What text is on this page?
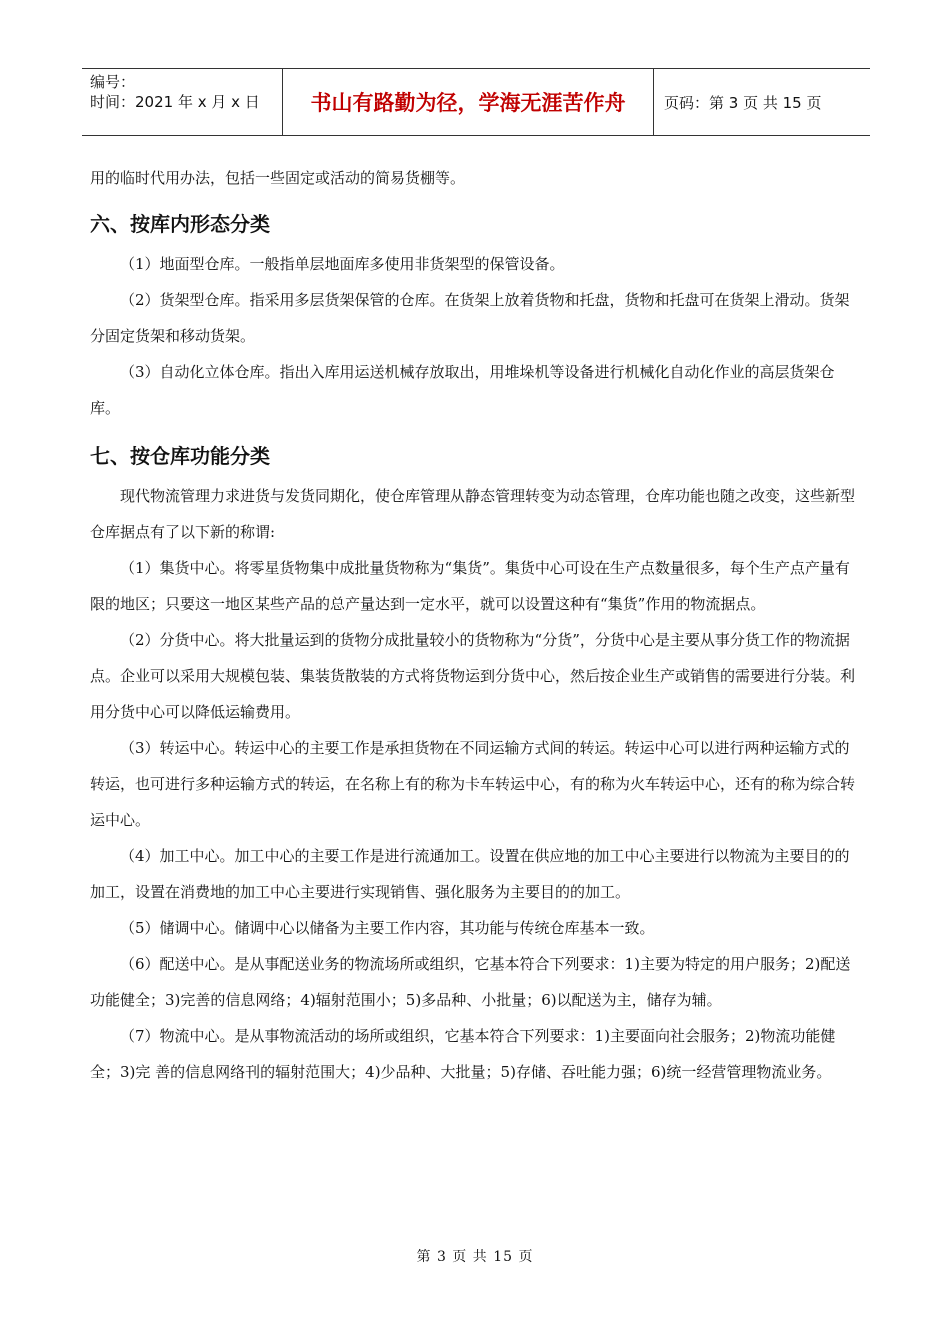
编号：
时间：2021 年 x 月 x 日	书山有路勤为径，学海无涯苦作舟	页码：第 3 页 共 15 页

用的临时代用办法，包括一些固定或活动的简易货棚等。

六、按库内形态分类

（1）地面型仓库。一般指单层地面库多使用非货架型的保管设备。

（2）货架型仓库。指采用多层货架保管的仓库。在货架上放着货物和托盘，货物和托盘可在货架上滑动。货架分固定货架和移动货架。

（3）自动化立体仓库。指出入库用运送机械存放取出，用堆垛机等设备进行机械化自动化作业的高层货架仓库。

七、按仓库功能分类

现代物流管理力求进货与发货同期化，使仓库管理从静态管理转变为动态管理，仓库功能也随之改变，这些新型仓库据点有了以下新的称谓:

（1）集货中心。将零星货物集中成批量货物称为“集货”。集货中心可设在生产点数量很多，每个生产点产量有限的地区；只要这一地区某些产品的总产量达到一定水平，就可以设置这种有“集货”作用的物流据点。

（2）分货中心。将大批量运到的货物分成批量较小的货物称为“分货”，分货中心是主要从事分货工作的物流据点。企业可以采用大规模包装、集装货散装的方式将货物运到分货中心，然后按企业生产或销售的需要进行分装。利用分货中心可以降低运输费用。

（3）转运中心。转运中心的主要工作是承担货物在不同运输方式间的转运。转运中心可以进行两种运输方式的转运，也可进行多种运输方式的转运，在名称上有的称为卡车转运中心，有的称为火车转运中心，还有的称为综合转运中心。

（4）加工中心。加工中心的主要工作是进行流通加工。设置在供应地的加工中心主要进行以物流为主要目的的加工，设置在消费地的加工中心主要进行实现销售、强化服务为主要目的的加工。

（5）储调中心。储调中心以储备为主要工作内容，其功能与传统仓库基本一致。

（6）配送中心。是从事配送业务的物流场所或组织，它基本符合下列要求：1)主要为特定的用户服务；2)配送功能健全；3)完善的信息网络；4)辐射范围小；5)多品种、小批量；6)以配送为主，储存为辅。

（7）物流中心。是从事物流活动的场所或组织，它基本符合下列要求：1)主要面向社会服务；2)物流功能健全；3)完 善的信息网络刊的辐射范围大；4)少品种、大批量；5)存储、吞吐能力强；6)统一经营管理物流业务。

第 3 页 共 15 页
